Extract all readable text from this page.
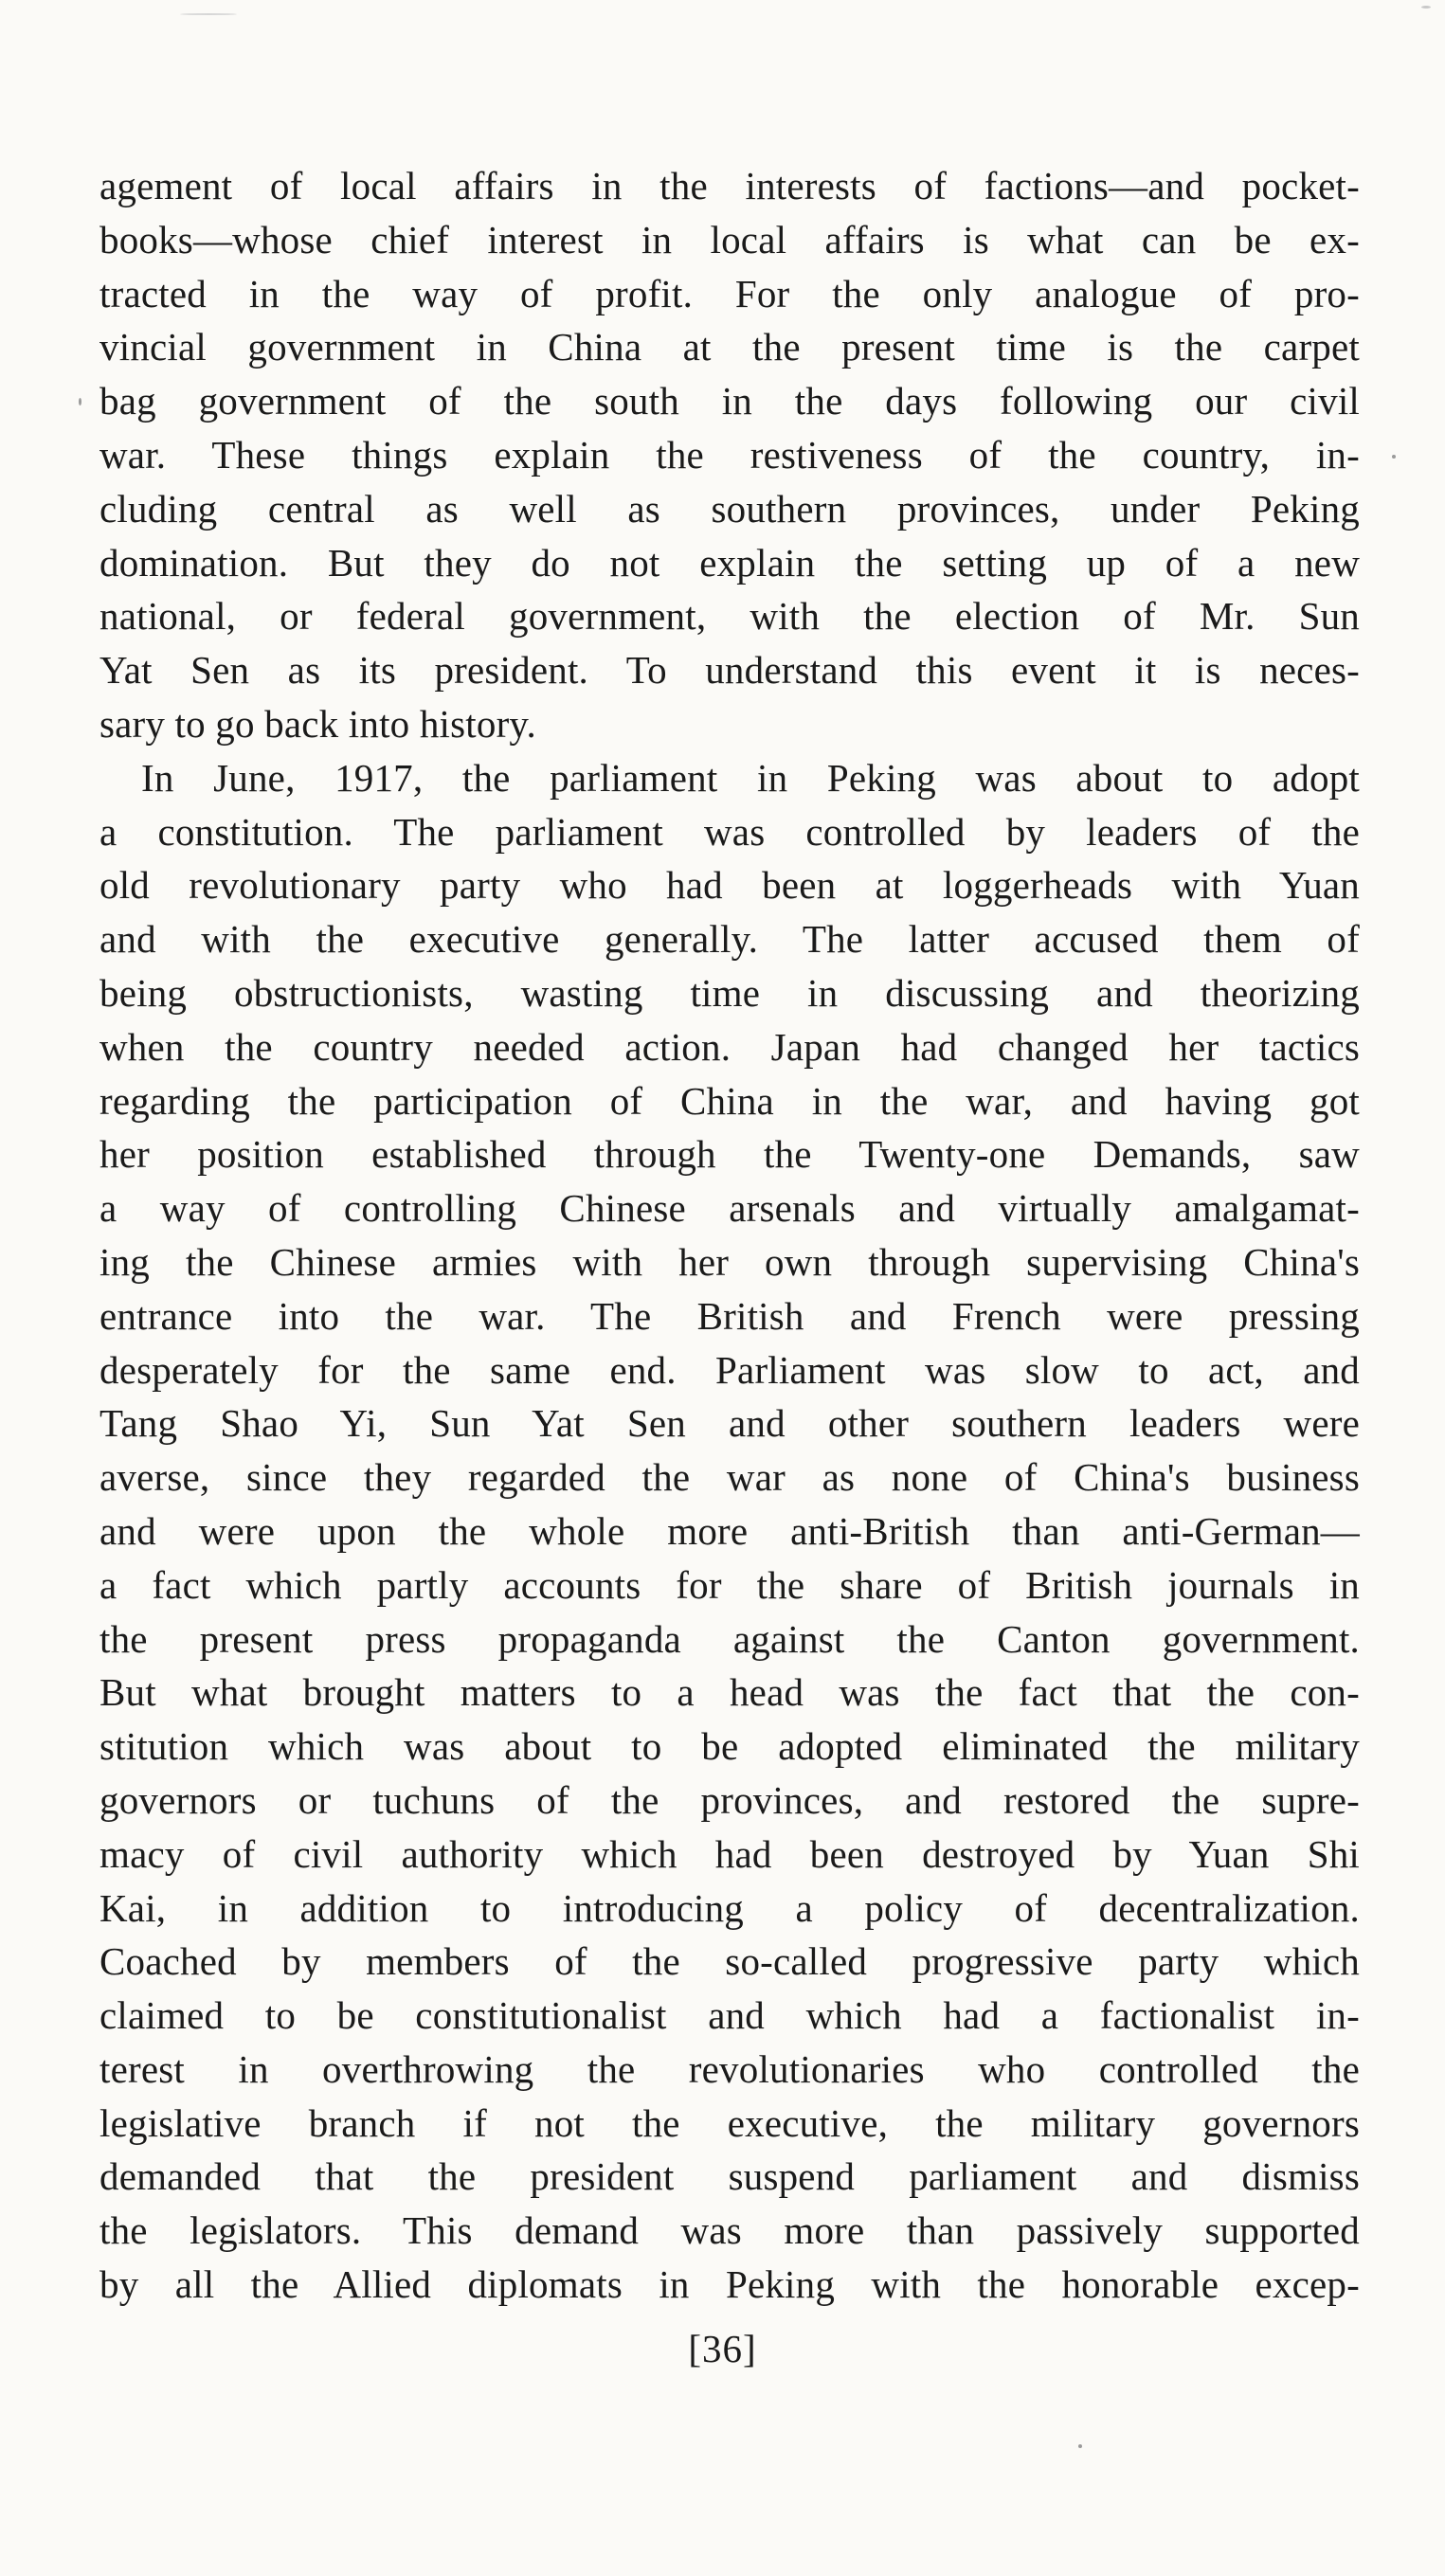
agement of local affairs in the interests of factions—and pocket-
books—whose chief interest in local affairs is what can be ex-
tracted in the way of profit. For the only analogue of pro-
vincial government in China at the present time is the carpet
bag government of the south in the days following our civil
war. These things explain the restiveness of the country, in-
cluding central as well as southern provinces, under Peking
domination. But they do not explain the setting up of a new
national, or federal government, with the election of Mr. Sun
Yat Sen as its president. To understand this event it is neces-
sary to go back into history.
In June, 1917, the parliament in Peking was about to adopt
a constitution. The parliament was controlled by leaders of the
old revolutionary party who had been at loggerheads with Yuan
and with the executive generally. The latter accused them of
being obstructionists, wasting time in discussing and theorizing
when the country needed action. Japan had changed her tactics
regarding the participation of China in the war, and having got
her position established through the Twenty-one Demands, saw
a way of controlling Chinese arsenals and virtually amalgamat-
ing the Chinese armies with her own through supervising China's
entrance into the war. The British and French were pressing
desperately for the same end. Parliament was slow to act, and
Tang Shao Yi, Sun Yat Sen and other southern leaders were
averse, since they regarded the war as none of China's business
and were upon the whole more anti-British than anti-German—
a fact which partly accounts for the share of British journals in
the present press propaganda against the Canton government.
But what brought matters to a head was the fact that the con-
stitution which was about to be adopted eliminated the military
governors or tuchuns of the provinces, and restored the supre-
macy of civil authority which had been destroyed by Yuan Shi
Kai, in addition to introducing a policy of decentralization.
Coached by members of the so-called progressive party which
claimed to be constitutionalist and which had a factionalist in-
terest in overthrowing the revolutionaries who controlled the
legislative branch if not the executive, the military governors
demanded that the president suspend parliament and dismiss
the legislators. This demand was more than passively supported
by all the Allied diplomats in Peking with the honorable excep-
[36]
